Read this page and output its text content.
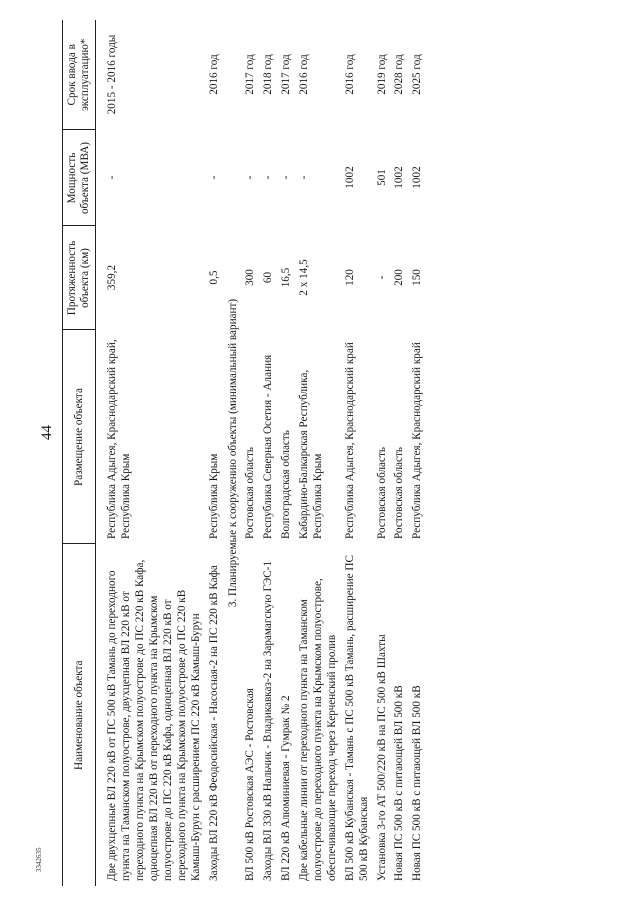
44
3342635
Наименование объекта	Размещение объекта	Протяженность объекта (км)	Мощность объекта (МВА)	Срок ввода в эксплуатацию*

Две двухцепные ВЛ 220 кВ от ПС 500 кВ Тамань до переходного пункта на Таманском полуострове, двухцепная ВЛ 220 кВ от переходного пункта на Крымском полуострове до ПС 220 кВ Кафа, одноцепная ВЛ 220 кВ от переходного пункта на Крымском полуострове до ПС 220 кВ Кафа, одноцепная ВЛ 220 кВ от переходного пункта на Крымском полуострове до ПС 220 кВ Камыш-Бурун с расширением ПС 220 кВ Камыш-Бурун	Республика Адыгея, Краснодарский край, Республика Крым	359,2	-	2015 - 2016 годы
Заходы ВЛ 220 кВ Феодосийская - Насосная-2 на ПС 220 кВ Кафа	Республика Крым	0,5	-	2016 год
3. Планируемые к сооружению объекты (минимальный вариант)				
ВЛ 500 кВ Ростовская АЭС - Ростовская	Ростовская область	300	-	2017 год
Заходы ВЛ 330 кВ Нальчик - Владикавказ-2 на Зарамагскую ГЭС-1	Республика Северная Осетия - Алания	60	-	2018 год
ВЛ 220 кВ Алюминиевая - Гумрак № 2	Волгоградская область	16,5	-	2017 год
Две кабельные линии от переходного пункта на Таманском полуострове до переходного пункта на Крымском полуострове, обеспечивающие переход через Керченский пролив	Кабардино-Балкарская Республика, Республика Крым	2 х 14,5	-	2016 год
ВЛ 500 кВ Кубанская - Тамань с ПС 500 кВ Тамань, расширение ПС 500 кВ Кубанская	Республика Адыгея, Краснодарский край	120	1002	2016 год
Установка 3-го АТ 500/220 кВ на ПС 500 кВ Шахты	Ростовская область	-	501	2019 год
Новая ПС 500 кВ с питающей ВЛ 500 кВ	Ростовская область	200	1002	2028 год
Новая ПС 500 кВ с питающей ВЛ 500 кВ	Республика Адыгея, Краснодарский край	150	1002	2025 год
